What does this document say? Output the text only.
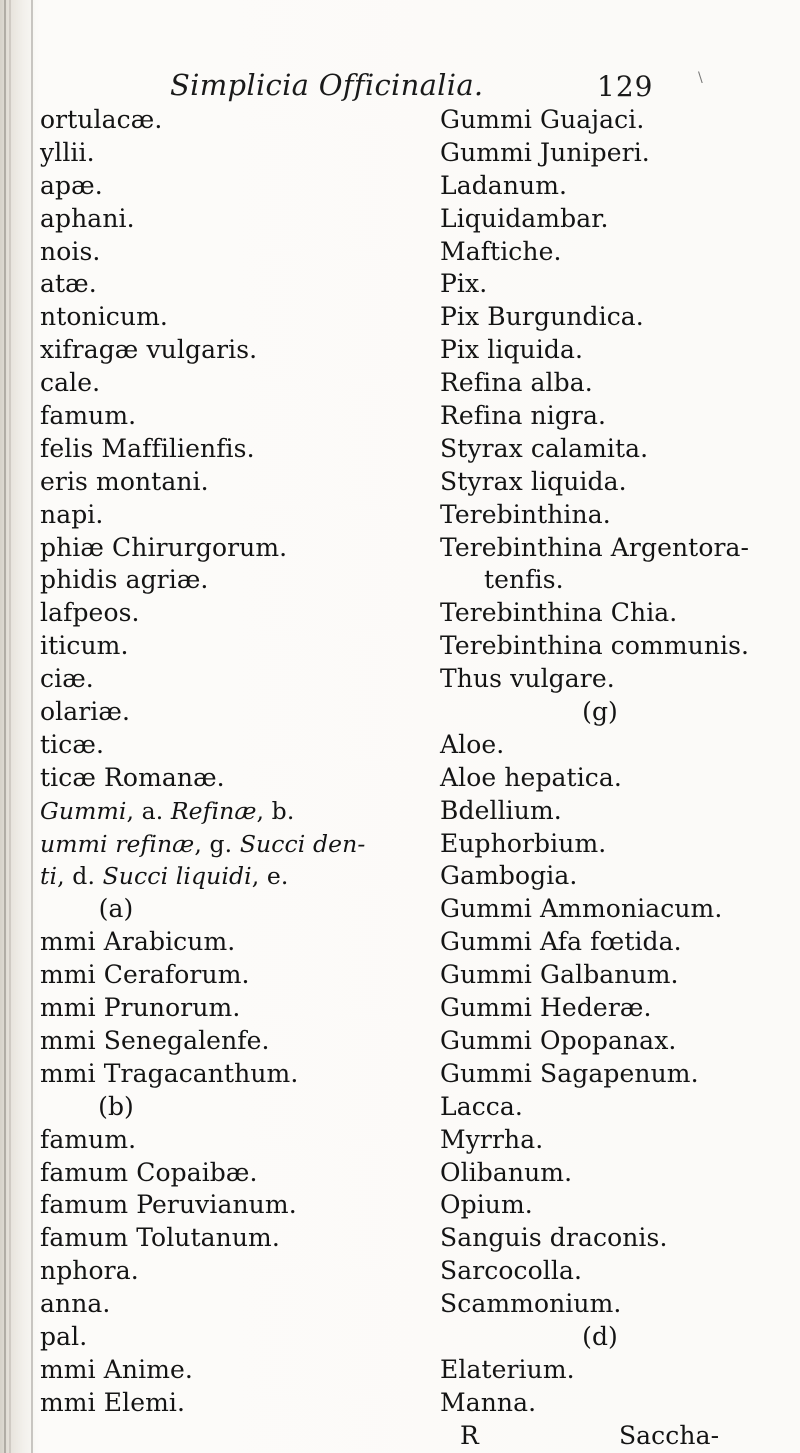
Simplicia Officinalia.	129	\
ortulacæ.
yllii.
apæ.
aphani.
nois.
atæ.
ntonicum.
xifragæ vulgaris.
cale.
famum.
felis Maffilienfis.
eris montani.
napi.
phiæ Chirurgorum.
phidis agriæ.
lafpeos.
iticum.
ciæ.
olariæ.
ticæ.
ticæ Romanæ.
Gummi, a. Refinæ, b.
ummi refinæ, g. Succi den-
ti, d. Succi liquidi, e.
(a)
mmi Arabicum.
mmi Ceraforum.
mmi Prunorum.
mmi Senegalenfe.
mmi Tragacanthum.
(b)
famum.
famum Copaibæ.
famum Peruvianum.
famum Tolutanum.
nphora.
anna.
pal.
mmi Anime.
mmi Elemi.
Gummi Guajaci.
Gummi Juniperi.
Ladanum.
Liquidambar.
Maftiche.
Pix.
Pix Burgundica.
Pix liquida.
Refina alba.
Refina nigra.
Styrax calamita.
Styrax liquida.
Terebinthina.
Terebinthina Argentora-
tenfis.
Terebinthina Chia.
Terebinthina communis.
Thus vulgare.
(g)
Aloe.
Aloe hepatica.
Bdellium.
Euphorbium.
Gambogia.
Gummi Ammoniacum.
Gummi Afa fœtida.
Gummi Galbanum.
Gummi Hederæ.
Gummi Opopanax.
Gummi Sagapenum.
Lacca.
Myrrha.
Olibanum.
Opium.
Sanguis draconis.
Sarcocolla.
Scammonium.
(d)
Elaterium.
Manna.
R	Saccha-
